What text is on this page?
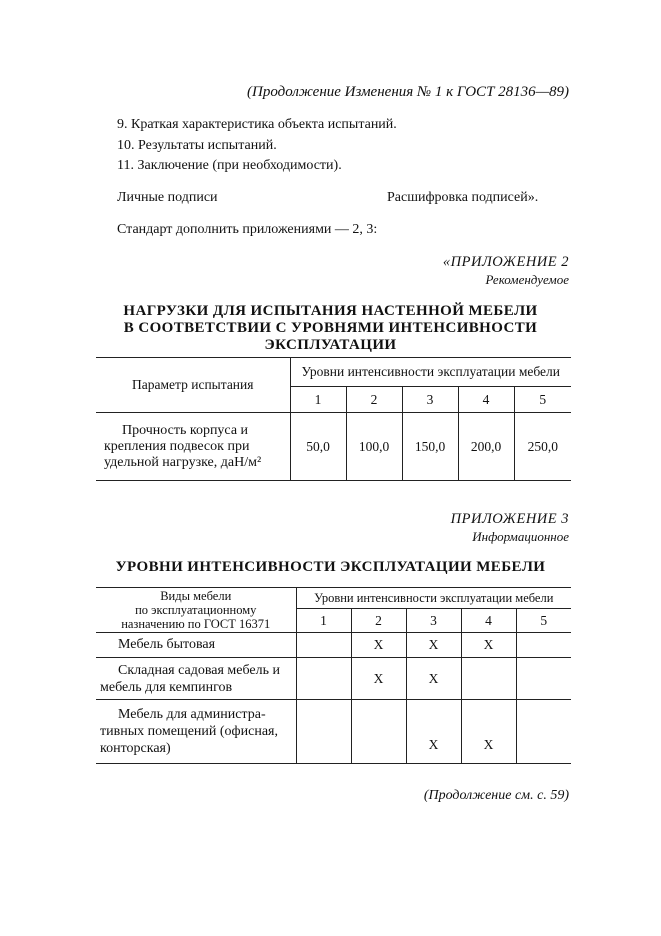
(Продолжение Изменения № 1 к ГОСТ 28136—89)
9. Краткая характеристика объекта испытаний.
10. Результаты испытаний.
11. Заключение (при необходимости).
Личные подписи	Расшифровка подписей».
Стандарт дополнить приложениями — 2, 3:
«ПРИЛОЖЕНИЕ 2
Рекомендуемое
НАГРУЗКИ ДЛЯ ИСПЫТАНИЯ НАСТЕННОЙ МЕБЕЛИ
В СООТВЕТСТВИИ С УРОВНЯМИ ИНТЕНСИВНОСТИ
ЭКСПЛУАТАЦИИ
Параметр испытания	Уровни интенсивности эксплуатации мебели				
	1	2	3	4	5

Прочность корпуса и
крепления подвесок при
удельной нагрузке, даН/м²	50,0	100,0	150,0	200,0	250,0
ПРИЛОЖЕНИЕ 3
Информационное
УРОВНИ ИНТЕНСИВНОСТИ ЭКСПЛУАТАЦИИ МЕБЕЛИ
Виды мебели
по эксплуатационному
назначению по ГОСТ 16371	Уровни интенсивности эксплуатации мебели				
	1	2	3	4	5
Мебель бытовая		X	X	X	

Складная садовая мебель и
мебель для кемпингов		X	X		

Мебель для администра-
тивных помещений (офисная,
конторская)			X	X	
(Продолжение см. с. 59)
